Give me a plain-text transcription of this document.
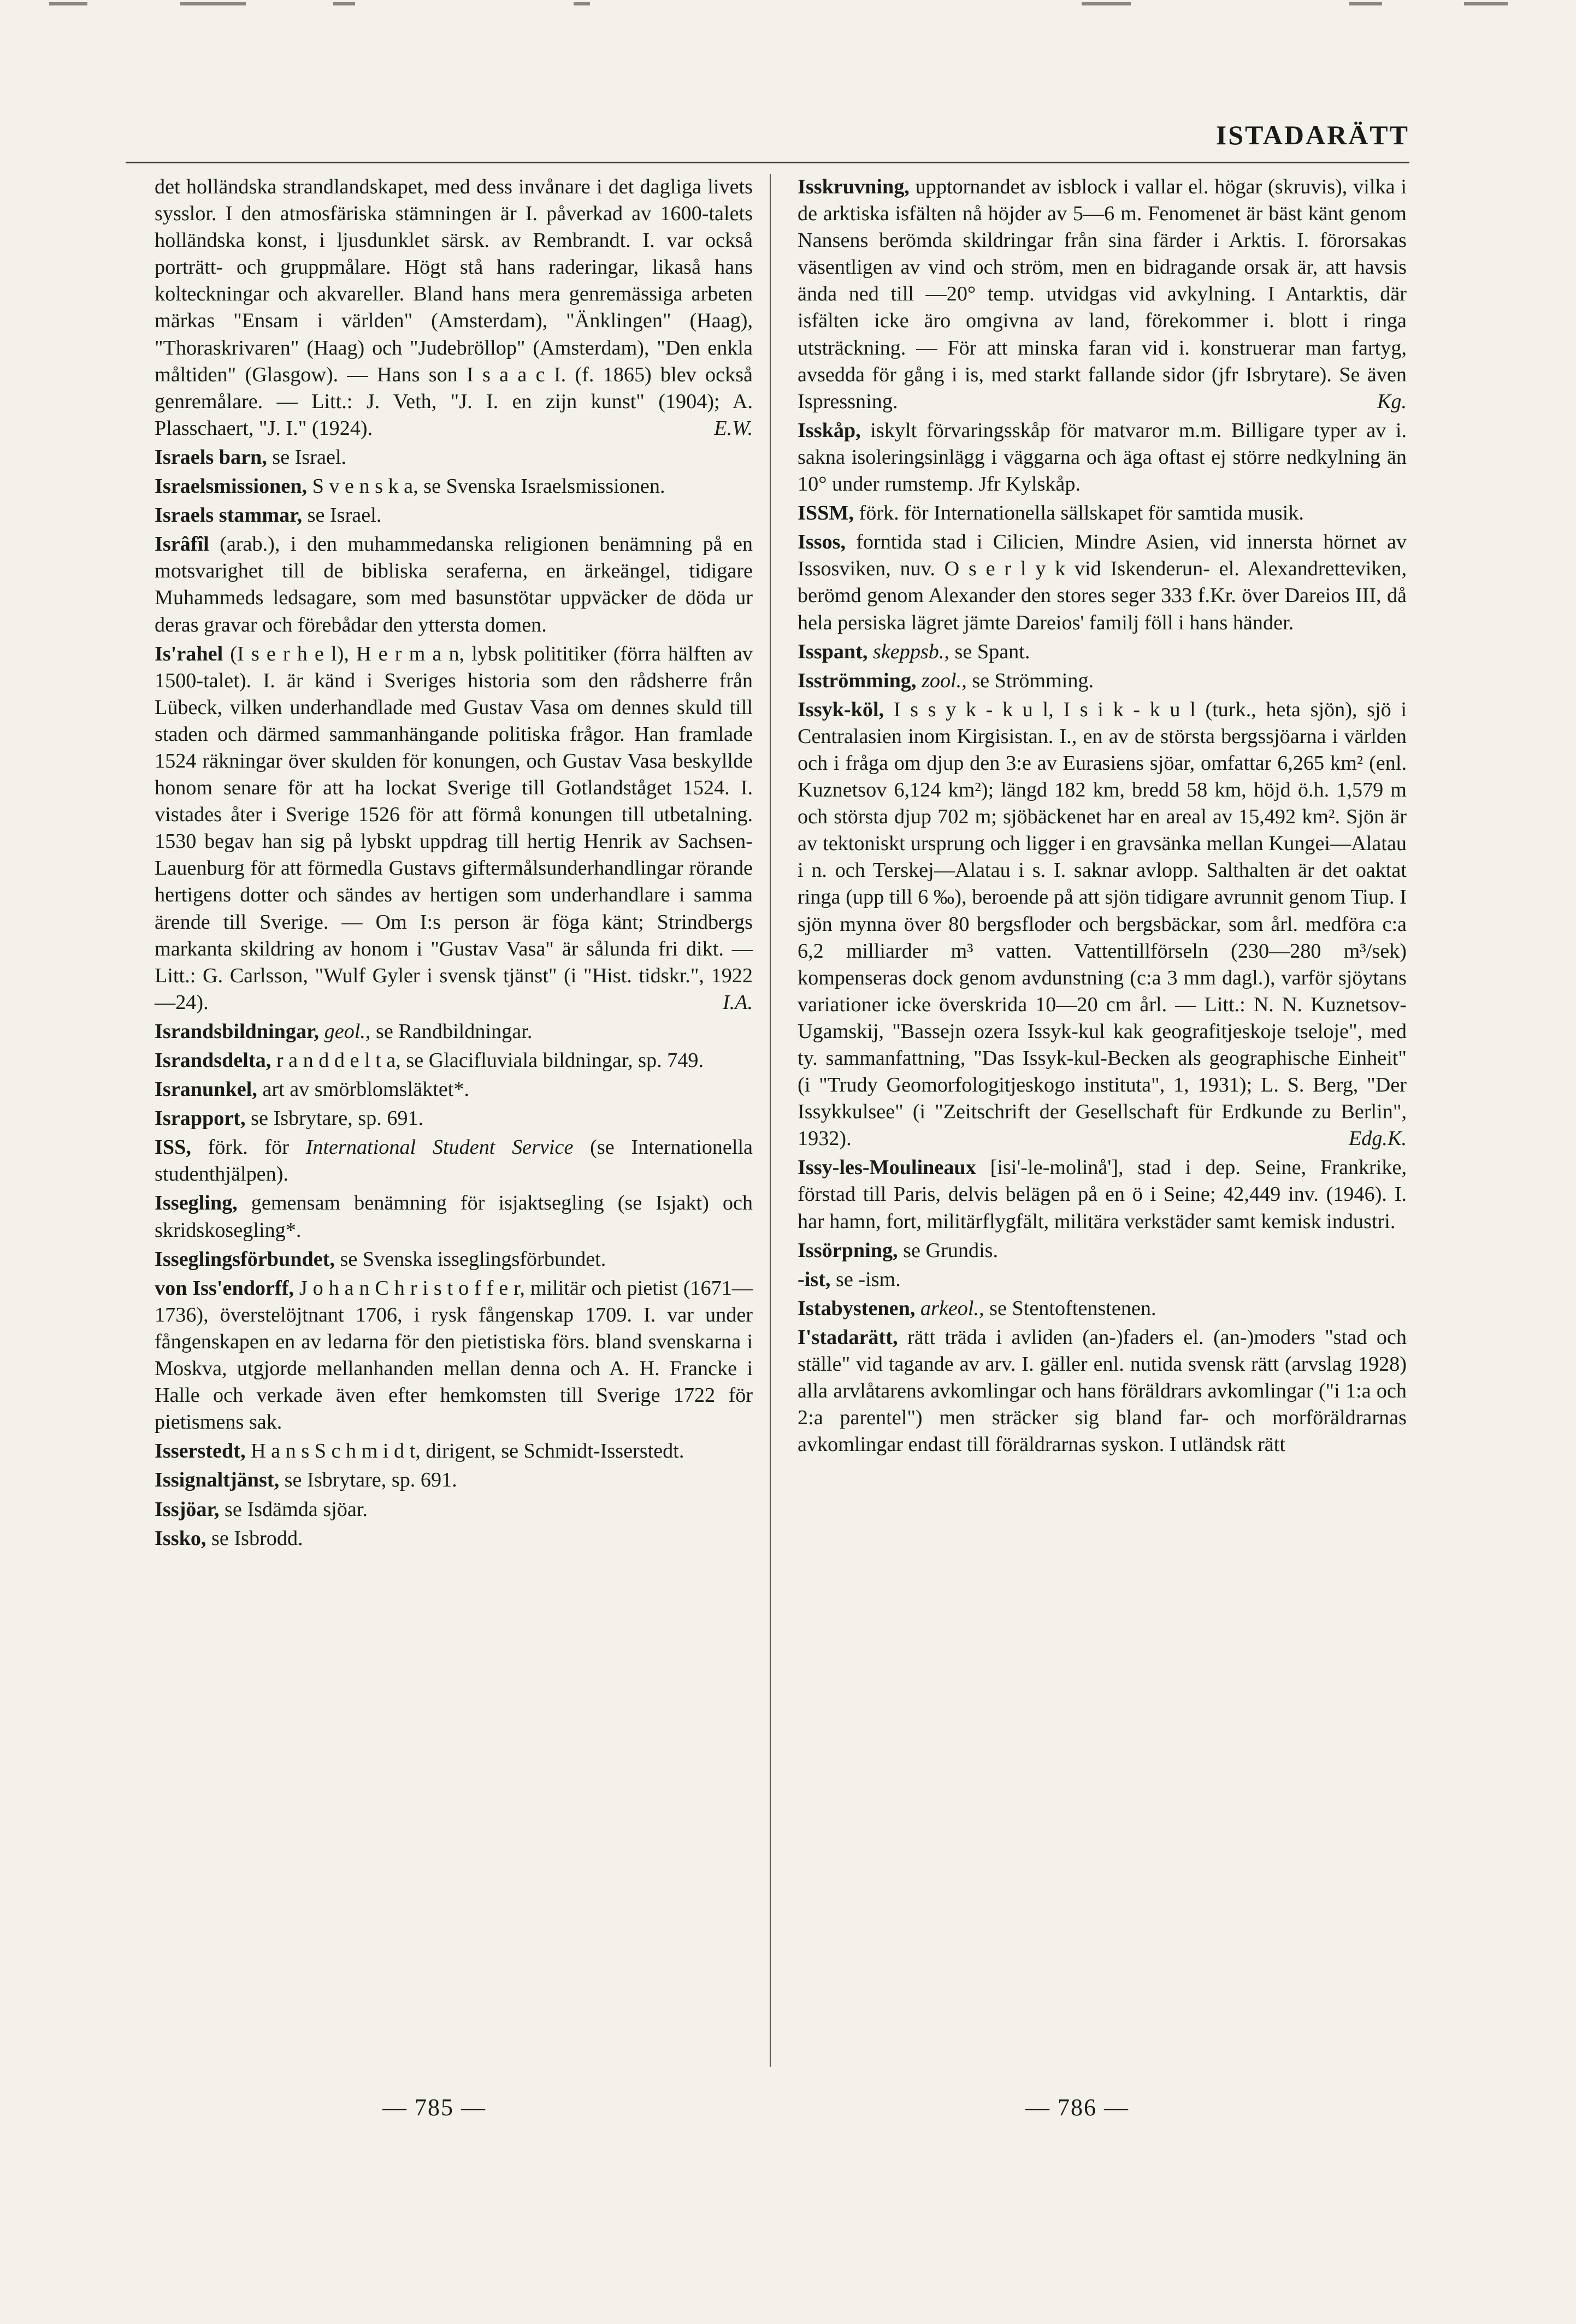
ISTADARÄTT
det holländska strandlandskapet, med dess invånare i det dagliga livets sysslor. I den atmosfäriska stämningen är I. påverkad av 1600-talets holländska konst, i ljusdunklet särsk. av Rembrandt. I. var också porträtt- och gruppmålare. Högt stå hans raderingar, likaså hans kolteckningar och akvareller. Bland hans mera genremässiga arbeten märkas "Ensam i världen" (Amsterdam), "Änklingen" (Haag), "Thoraskrivaren" (Haag) och "Judebröllop" (Amsterdam), "Den enkla måltiden" (Glasgow). — Hans son I s a a c I. (f. 1865) blev också genremålare. — Litt.: J. Veth, "J. I. en zijn kunst" (1904); A. Plasschaert, "J. I." (1924).	E.W.
Israels barn, se Israel.
Israelsmissionen, S v e n s k a, se Svenska Israelsmissionen.
Israels stammar, se Israel.
Isrâfîl (arab.), i den muhammedanska religionen benämning på en motsvarighet till de bibliska seraferna, en ärkeängel, tidigare Muhammeds ledsagare, som med basunstötar uppväcker de döda ur deras gravar och förebådar den yttersta domen.
Is'rahel (I s e r h e l), H e r m a n, lybsk polititiker (förra hälften av 1500-talet). I. är känd i Sveriges historia som den rådsherre från Lübeck, vilken underhandlade med Gustav Vasa om dennes skuld till staden och därmed sammanhängande politiska frågor. Han framlade 1524 räkningar över skulden för konungen, och Gustav Vasa beskyllde honom senare för att ha lockat Sverige till Gotlandståget 1524. I. vistades åter i Sverige 1526 för att förmå konungen till utbetalning. 1530 begav han sig på lybskt uppdrag till hertig Henrik av Sachsen-Lauenburg för att förmedla Gustavs giftermålsunderhandlingar rörande hertigens dotter och sändes av hertigen som underhandlare i samma ärende till Sverige. — Om I:s person är föga känt; Strindbergs markanta skildring av honom i "Gustav Vasa" är sålunda fri dikt. — Litt.: G. Carlsson, "Wulf Gyler i svensk tjänst" (i "Hist. tidskr.", 1922—24).	I.A.
Israndsbildningar, geol., se Randbildningar.
Israndsdelta, r a n d d e l t a, se Glacifluviala bildningar, sp. 749.
Isranunkel, art av smörblomsläktet*.
Israpport, se Isbrytare, sp. 691.
ISS, förk. för International Student Service (se Internationella studenthjälpen).
Issegling, gemensam benämning för isjaktsegling (se Isjakt) och skridskosegling*.
Isseglingsförbundet, se Svenska isseglingsförbundet.
von Iss'endorff, J o h a n C h r i s t o f f e r, militär och pietist (1671—1736), överstelöjtnant 1706, i rysk fångenskap 1709. I. var under fångenskapen en av ledarna för den pietistiska förs. bland svenskarna i Moskva, utgjorde mellanhanden mellan denna och A. H. Francke i Halle och verkade även efter hemkomsten till Sverige 1722 för pietismens sak.
Isserstedt, H a n s S c h m i d t, dirigent, se Schmidt-Isserstedt.
Issignaltjänst, se Isbrytare, sp. 691.
Issjöar, se Isdämda sjöar.
Issko, se Isbrodd.
Isskruvning, upptornandet av isblock i vallar el. högar (skruvis), vilka i de arktiska isfälten nå höjder av 5—6 m. Fenomenet är bäst känt genom Nansens berömda skildringar från sina färder i Arktis. I. förorsakas väsentligen av vind och ström, men en bidragande orsak är, att havsis ända ned till —20° temp. utvidgas vid avkylning. I Antarktis, där isfälten icke äro omgivna av land, förekommer i. blott i ringa utsträckning. — För att minska faran vid i. konstruerar man fartyg, avsedda för gång i is, med starkt fallande sidor (jfr Isbrytare). Se även Ispressning.	Kg.
Isskåp, iskylt förvaringsskåp för matvaror m.m. Billigare typer av i. sakna isoleringsinlägg i väggarna och äga oftast ej större nedkylning än 10° under rumstemp. Jfr Kylskåp.
ISSM, förk. för Internationella sällskapet för samtida musik.
Issos, forntida stad i Cilicien, Mindre Asien, vid innersta hörnet av Issosviken, nuv. O s e r l y k vid Iskenderun- el. Alexandretteviken, berömd genom Alexander den stores seger 333 f.Kr. över Dareios III, då hela persiska lägret jämte Dareios' familj föll i hans händer.
Isspant, skeppsb., se Spant.
Isströmming, zool., se Strömming.
Issyk-köl, I s s y k - k u l, I s i k - k u l (turk., heta sjön), sjö i Centralasien inom Kirgisistan. I., en av de största bergssjöarna i världen och i fråga om djup den 3:e av Eurasiens sjöar, omfattar 6,265 km² (enl. Kuznetsov 6,124 km²); längd 182 km, bredd 58 km, höjd ö.h. 1,579 m och största djup 702 m; sjöbäckenet har en areal av 15,492 km². Sjön är av tektoniskt ursprung och ligger i en gravsänka mellan Kungei—Alatau i n. och Terskej—Alatau i s. I. saknar avlopp. Salthalten är det oaktat ringa (upp till 6 ‰), beroende på att sjön tidigare avrunnit genom Tiup. I sjön mynna över 80 bergsfloder och bergsbäckar, som årl. medföra c:a 6,2 milliarder m³ vatten. Vattentillförseln (230—280 m³/sek) kompenseras dock genom avdunstning (c:a 3 mm dagl.), varför sjöytans variationer icke överskrida 10—20 cm årl. — Litt.: N. N. Kuznetsov-Ugamskij, "Bassejn ozera Issyk-kul kak geografitjeskoje tseloje", med ty. sammanfattning, "Das Issyk-kul-Becken als geographische Einheit" (i "Trudy Geomorfologitjeskogo instituta", 1, 1931); L. S. Berg, "Der Issykkulsee" (i "Zeitschrift der Gesellschaft für Erdkunde zu Berlin", 1932).	Edg.K.
Issy-les-Moulineaux [isi'-le-molinå'], stad i dep. Seine, Frankrike, förstad till Paris, delvis belägen på en ö i Seine; 42,449 inv. (1946). I. har hamn, fort, militärflygfält, militära verkstäder samt kemisk industri.
Issörpning, se Grundis.
-ist, se -ism.
Istabystenen, arkeol., se Stentoftenstenen.
I'stadarätt, rätt träda i avliden (an-)faders el. (an-)moders "stad och ställe" vid tagande av arv. I. gäller enl. nutida svensk rätt (arvslag 1928) alla arvlåtarens avkomlingar och hans föräldrars avkomlingar ("i 1:a och 2:a parentel") men sträcker sig bland far- och morföräldrarnas avkomlingar endast till föräldrarnas syskon. I utländsk rätt
— 785 —	— 786 —
